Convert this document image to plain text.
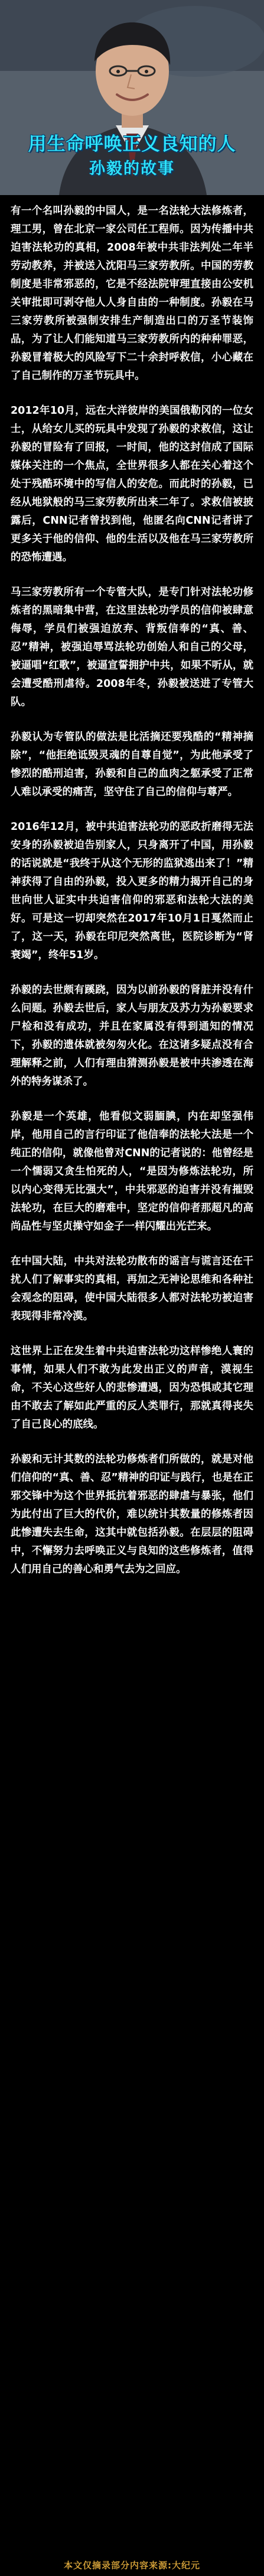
用生命呼唤正义良知的人
孙毅的故事

有一个名叫孙毅的中国人，是一名法轮大法修炼者，理工男，曾在北京一家公司任工程师。因为传播中共迫害法轮功的真相，2008年被中共非法判处二年半劳动教养，并被送入沈阳马三家劳教所。中国的劳教制度是非常邪恶的，它是不经法院审理直接由公安机关审批即可剥夺他人人身自由的一种制度。孙毅在马三家劳教所被强制安排生产制造出口的万圣节装饰品，为了让人们能知道马三家劳教所内的种种罪恶，孙毅冒着极大的风险写下二十余封呼救信，小心藏在了自己制作的万圣节玩具中。

2012年10月，远在大洋彼岸的美国俄勒冈的一位女士，从给女儿买的玩具中发现了孙毅的求救信，这让孙毅的冒险有了回报，一时间，他的这封信成了国际媒体关注的一个焦点，全世界很多人都在关心着这个处于残酷环境中的写信人的安危。而此时的孙毅，已经从地狱般的马三家劳教所出来二年了。求救信被披露后，CNN记者曾找到他，他匿名向CNN记者讲了更多关于他的信仰、他的生活以及他在马三家劳教所的恐怖遭遇。

马三家劳教所有一个专管大队，是专门针对法轮功修炼者的黑暗集中营，在这里法轮功学员的信仰被肆意侮辱，学员们被强迫放弃、背叛信奉的“真、善、忍”精神，被强迫辱骂法轮功创始人和自己的父母，被逼唱“红歌”，被逼宣誓拥护中共，如果不听从，就会遭受酷刑虐待。2008年冬，孙毅被送进了专管大队。

孙毅认为专管队的做法是比活摘还要残酷的“精神摘除”，“他拒绝诋毁灵魂的自尊自觉”，为此他承受了惨烈的酷刑迫害，孙毅和自己的血肉之躯承受了正常人难以承受的痛苦，坚守住了自己的信仰与尊严。

2016年12月，被中共迫害法轮功的恶政折磨得无法安身的孙毅被迫告别家人，只身离开了中国，用孙毅的话说就是“我终于从这个无形的监狱逃出来了！”精神获得了自由的孙毅，投入更多的精力揭开自己的身世向世人证实中共迫害信仰的邪恶和法轮大法的美好。可是这一切却突然在2017年10月1日戛然而止了，这一天，孙毅在印尼突然离世，医院诊断为“肾衰竭”，终年51岁。

孙毅的去世颇有蹊跷，因为以前孙毅的肾脏并没有什么问题。孙毅去世后，家人与朋友及苏力为孙毅要求尸检和没有成功，并且在家属没有得到通知的情况下，孙毅的遗体就被匆匆火化。在这诸多疑点没有合理解释之前，人们有理由猜测孙毅是被中共渗透在海外的特务谋杀了。

孙毅是一个英雄，他看似文弱腼腆，内在却坚强伟岸，他用自己的言行印证了他信奉的法轮大法是一个纯正的信仰，就像他曾对CNN的记者说的：他曾经是一个懦弱又贪生怕死的人，“是因为修炼法轮功，所以内心变得无比强大”，中共邪恶的迫害并没有摧毁法轮功，在巨大的磨难中，坚定的信仰者那超凡的高尚品性与坚贞操守如金子一样闪耀出光芒来。

在中国大陆，中共对法轮功散布的谣言与谎言还在干扰人们了解事实的真相，再加之无神论思维和各种社会观念的阻碍，使中国大陆很多人都对法轮功被迫害表现得非常冷漠。

这世界上正在发生着中共迫害法轮功这样惨绝人寰的事情，如果人们不敢为此发出正义的声音，漠视生命，不关心这些好人的悲惨遭遇，因为恐惧或其它理由不敢去了解如此严重的反人类罪行，那就真得丧失了自己良心的底线。

孙毅和无计其数的法轮功修炼者们所做的，就是对他们信仰的“真、善、忍”精神的印证与践行，也是在正邪交锋中为这个世界抵抗着邪恶的肆虐与暴张，他们为此付出了巨大的代价，难以统计其数量的修炼者因此惨遭失去生命，这其中就包括孙毅。在层层的阻碍中，不懈努力去呼唤正义与良知的这些修炼者，值得人们用自己的善心和勇气去为之回应。

本文仅摘录部分内容来源:大纪元
